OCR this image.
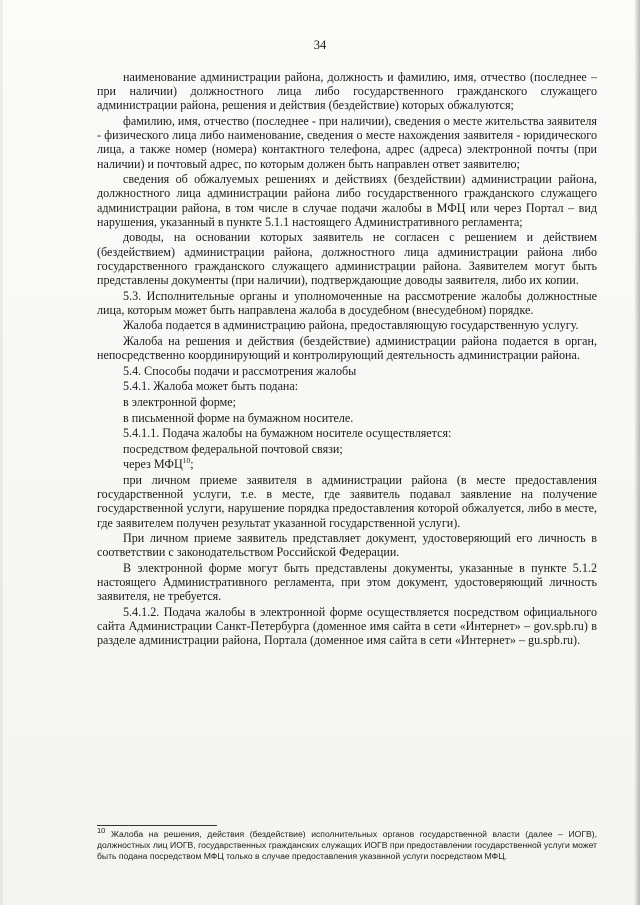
34

наименование администрации района, должность и фамилию, имя, отчество (последнее – при наличии) должностного лица либо государственного гражданского служащего администрации района, решения и действия (бездействие) которых обжалуются;

фамилию, имя, отчество (последнее - при наличии), сведения о месте жительства заявителя - физического лица либо наименование, сведения о месте нахождения заявителя - юридического лица, а также номер (номера) контактного телефона, адрес (адреса) электронной почты (при наличии) и почтовый адрес, по которым должен быть направлен ответ заявителю;

сведения об обжалуемых решениях и действиях (бездействии) администрации района, должностного лица администрации района либо государственного гражданского служащего администрации района, в том числе в случае подачи жалобы в МФЦ или через Портал – вид нарушения, указанный в пункте 5.1.1 настоящего Административного регламента;

доводы, на основании которых заявитель не согласен с решением и действием (бездействием) администрации района, должностного лица администрации района либо государственного гражданского служащего администрации района. Заявителем могут быть представлены документы (при наличии), подтверждающие доводы заявителя, либо их копии.

5.3. Исполнительные органы и уполномоченные на рассмотрение жалобы должностные лица, которым может быть направлена жалоба в досудебном (внесудебном) порядке.

Жалоба подается в администрацию района, предоставляющую государственную услугу.

Жалоба на решения и действия (бездействие) администрации района подается в орган, непосредственно координирующий и контролирующий деятельность администрации района.

5.4. Способы подачи и рассмотрения жалобы

5.4.1. Жалоба может быть подана:

в электронной форме;

в письменной форме на бумажном носителе.

5.4.1.1. Подача жалобы на бумажном носителе осуществляется:

посредством федеральной почтовой связи;

через МФЦ$^{10}$;

при личном приеме заявителя в администрации района (в месте предоставления государственной услуги, т.е. в месте, где заявитель подавал заявление на получение государственной услуги, нарушение порядка предоставления которой обжалуется, либо в месте, где заявителем получен результат указанной государственной услуги).

При личном приеме заявитель представляет документ, удостоверяющий его личность в соответствии с законодательством Российской Федерации.

В электронной форме могут быть представлены документы, указанные в пункте 5.1.2 настоящего Административного регламента, при этом документ, удостоверяющий личность заявителя, не требуется.

5.4.1.2. Подача жалобы в электронной форме осуществляется посредством официального сайта Администрации Санкт-Петербурга (доменное имя сайта в сети «Интернет» – gov.spb.ru) в разделе администрации района, Портала (доменное имя сайта в сети «Интернет» – gu.spb.ru).

$^{10}$ Жалоба на решения, действия (бездействие) исполнительных органов государственной власти (далее – ИОГВ), должностных лиц ИОГВ, государственных гражданских служащих ИОГВ при предоставлении государственной услуги может быть подана посредством МФЦ только в случае предоставления указанной услуги посредством МФЦ.
